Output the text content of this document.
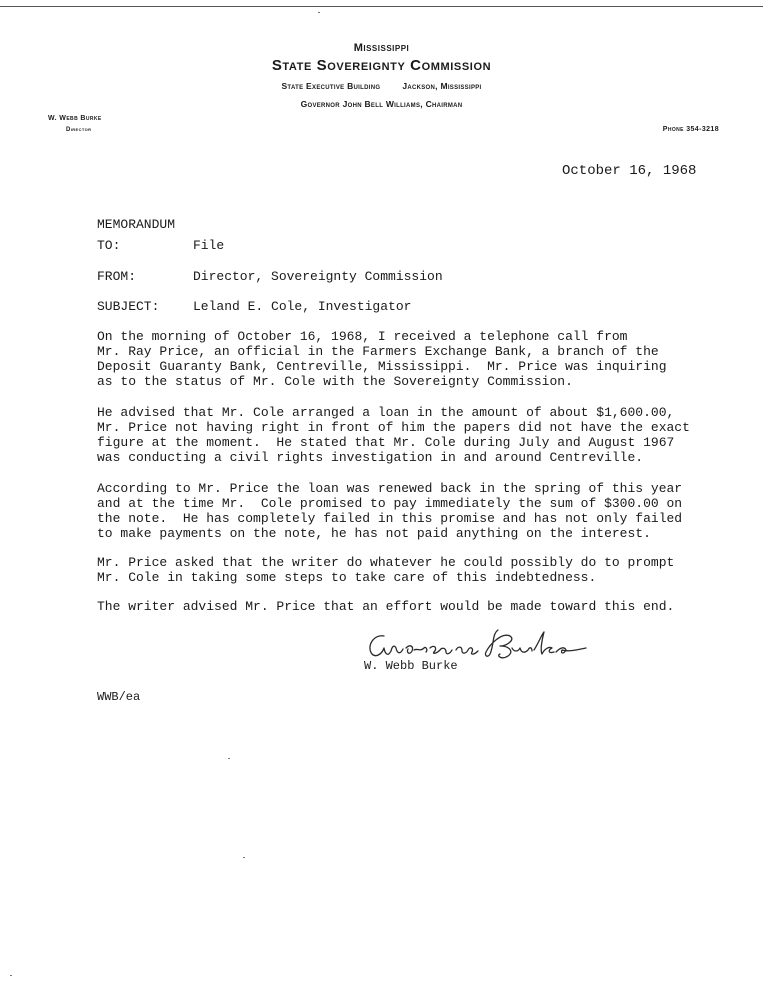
Mississippi
State Sovereignty Commission
State Executive Building	Jackson, Mississippi
Governor John Bell Williams, Chairman
W. Webb Burke
Director	Phone 354-3218
October 16, 1968
MEMORANDUM
TO:	File
FROM:	Director, Sovereignty Commission
SUBJECT:	Leland E. Cole, Investigator
On the morning of October 16, 1968, I received a telephone call from
Mr. Ray Price, an official in the Farmers Exchange Bank, a branch of the
Deposit Guaranty Bank, Centreville, Mississippi.  Mr. Price was inquiring
as to the status of Mr. Cole with the Sovereignty Commission.
He advised that Mr. Cole arranged a loan in the amount of about $1,600.00,
Mr. Price not having right in front of him the papers did not have the exact
figure at the moment.  He stated that Mr. Cole during July and August 1967
was conducting a civil rights investigation in and around Centreville.
According to Mr. Price the loan was renewed back in the spring of this year
and at the time Mr.  Cole promised to pay immediately the sum of $300.00 on
the note.  He has completely failed in this promise and has not only failed
to make payments on the note, he has not paid anything on the interest.
Mr. Price asked that the writer do whatever he could possibly do to prompt
Mr. Cole in taking some steps to take care of this indebtedness.
The writer advised Mr. Price that an effort would be made toward this end.
W. Webb Burke
WWB/ea
